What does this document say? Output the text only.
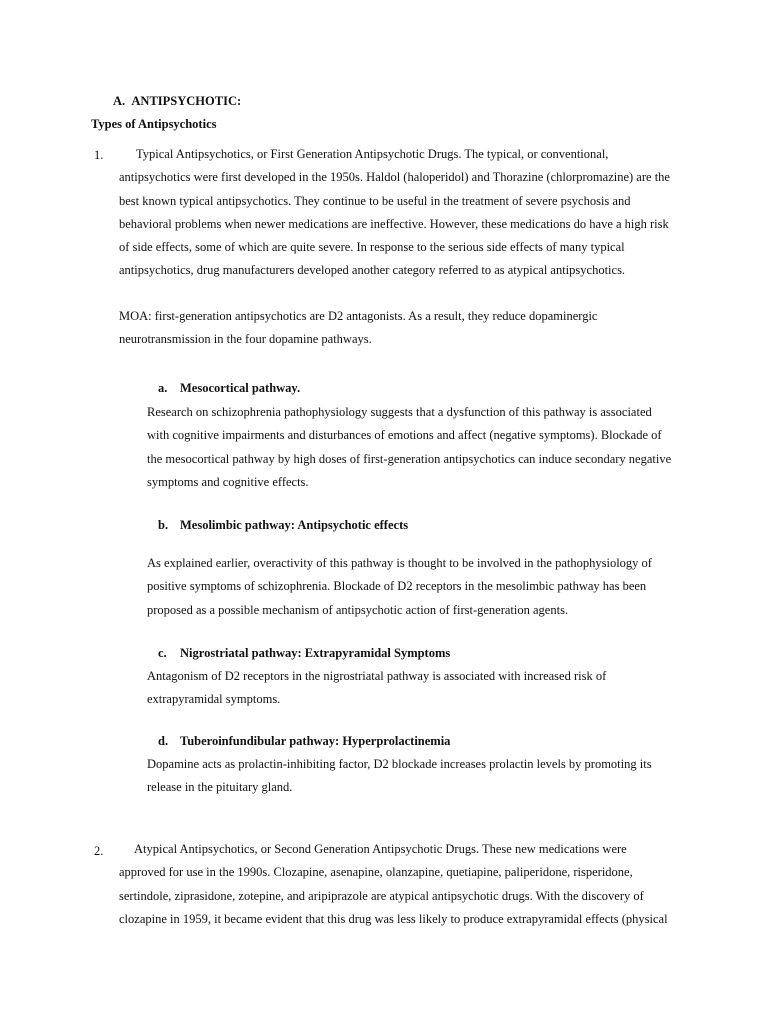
A.  ANTIPSYCHOTIC:
Types of Antipsychotics
1.	Typical Antipsychotics, or First Generation Antipsychotic Drugs. The typical, or conventional,
antipsychotics were first developed in the 1950s. Haldol (haloperidol) and Thorazine (chlorpromazine) are the
best known typical antipsychotics. They continue to be useful in the treatment of severe psychosis and
behavioral problems when newer medications are ineffective. However, these medications do have a high risk
of side effects, some of which are quite severe. In response to the serious side effects of many typical
antipsychotics, drug manufacturers developed another category referred to as atypical antipsychotics.
MOA: first-generation antipsychotics are D2 antagonists. As a result, they reduce dopaminergic
neurotransmission in the four dopamine pathways.
a. Mesocortical pathway.
Research on schizophrenia pathophysiology suggests that a dysfunction of this pathway is associated
with cognitive impairments and disturbances of emotions and affect (negative symptoms). Blockade of
the mesocortical pathway by high doses of first-generation antipsychotics can induce secondary negative
symptoms and cognitive effects.
b. Mesolimbic pathway: Antipsychotic effects
As explained earlier, overactivity of this pathway is thought to be involved in the pathophysiology of
positive symptoms of schizophrenia. Blockade of D2 receptors in the mesolimbic pathway has been
proposed as a possible mechanism of antipsychotic action of first-generation agents.
c. Nigrostriatal pathway: Extrapyramidal Symptoms
Antagonism of D2 receptors in the nigrostriatal pathway is associated with increased risk of
extrapyramidal symptoms.
d. Tuberoinfundibular pathway: Hyperprolactinemia
Dopamine acts as prolactin-inhibiting factor, D2 blockade increases prolactin levels by promoting its
release in the pituitary gland.
2.	Atypical Antipsychotics, or Second Generation Antipsychotic Drugs. These new medications were
approved for use in the 1990s. Clozapine, asenapine, olanzapine, quetiapine, paliperidone, risperidone,
sertindole, ziprasidone, zotepine, and aripiprazole are atypical antipsychotic drugs. With the discovery of
clozapine in 1959, it became evident that this drug was less likely to produce extrapyramidal effects (physical
